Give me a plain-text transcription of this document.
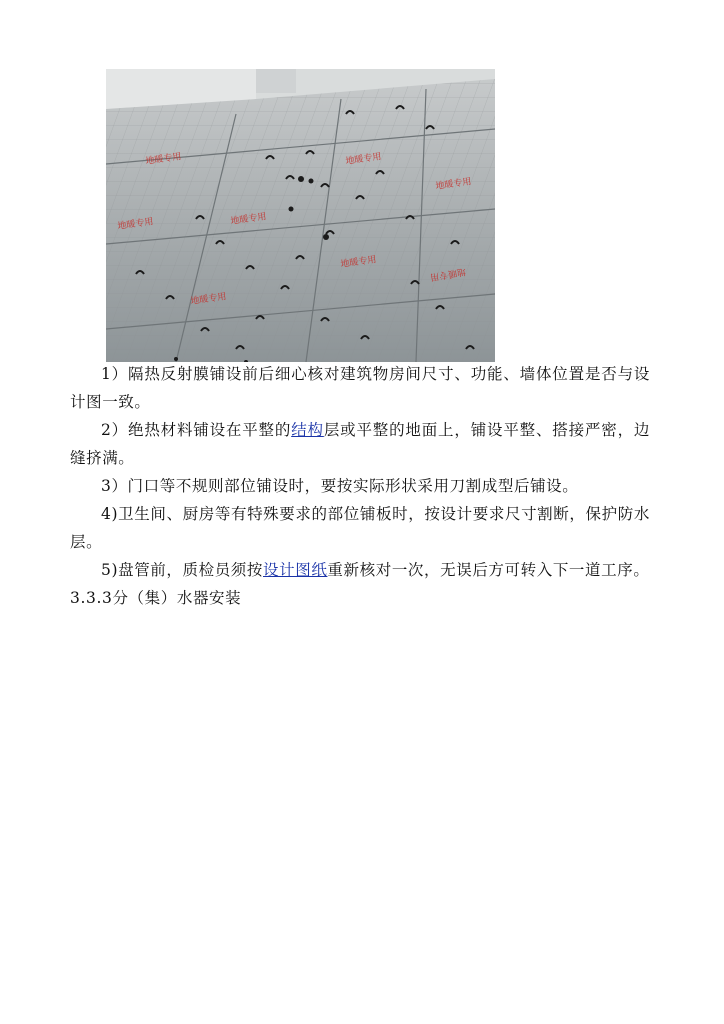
地暖专用
地暖专用
地暖专用
地暖专用
地暖专用
地暖专用
地暖专用
地暖专用

1）隔热反射膜铺设前后细心核对建筑物房间尺寸、功能、墙体位置是否与设计图一致。

2）绝热材料铺设在平整的结构层或平整的地面上，铺设平整、搭接严密，边缝挤满。

3）门口等不规则部位铺设时，要按实际形状采用刀割成型后铺设。

4)卫生间、厨房等有特殊要求的部位铺板时，按设计要求尺寸割断，保护防水层。

5)盘管前，质检员须按设计图纸重新核对一次，无误后方可转入下一道工序。

3.3.3分（集）水器安装
